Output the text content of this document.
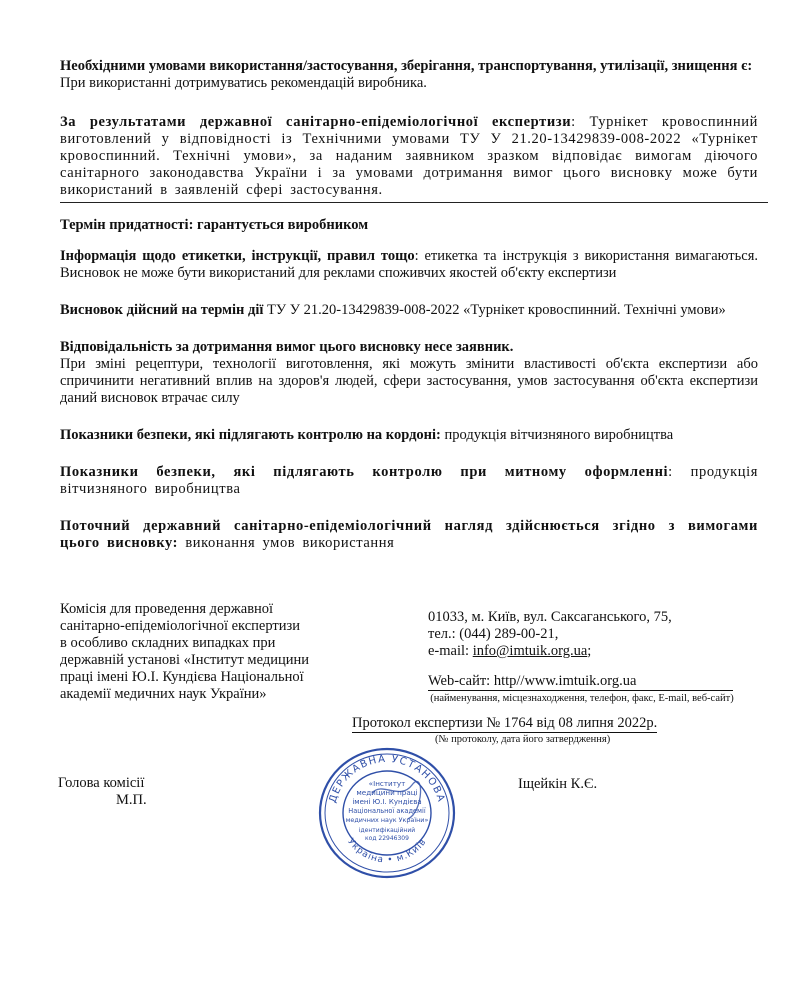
Необхідними умовами використання/застосування, зберігання, транспортування, утилізації, знищення є:
При використанні дотримуватись рекомендацій виробника.
За результатами державної санітарно-епідеміологічної експертизи: Турнікет кровоспинний виготовлений у відповідності із Технічними умовами ТУ У 21.20-13429839-008-2022 «Турнікет кровоспинний. Технічні умови», за наданим заявником зразком відповідає вимогам діючого санітарного законодавства України і за умовами дотримання вимог цього висновку може бути використаний в заявленій сфері застосування.
Термін придатності: гарантується виробником
Інформація щодо етикетки, інструкції, правил тощо: етикетка та інструкція з використання вимагаються. Висновок не може бути використаний для реклами споживчих якостей об'єкту експертизи
Висновок дійсний на термін дії ТУ У 21.20-13429839-008-2022 «Турнікет кровоспинний. Технічні умови»
Відповідальність за дотримання вимог цього висновку несе заявник.
При зміні рецептури, технології виготовлення, які можуть змінити властивості об'єкта експертизи або спричинити негативний вплив на здоров'я людей, сфери застосування, умов застосування об'єкта експертизи даний висновок втрачає силу
Показники безпеки, які підлягають контролю на кордоні: продукція вітчизняного виробництва
Показники безпеки, які підлягають контролю при митному оформленні: продукція вітчизняного виробництва
Поточний державний санітарно-епідеміологічний нагляд здійснюється згідно з вимогами цього висновку: виконання умов використання
Комісія для проведення державної
санітарно-епідеміологічної експертизи
в особливо складних випадках при
державній установі «Інститут медицини
праці імені Ю.І. Кундієва Національної
академії медичних наук України»
01033, м. Київ, вул. Саксаганського, 75,
тел.: (044) 289-00-21,
e-mail: info@imtuik.org.ua;
Web-сайт: http//www.imtuik.org.ua
(найменування, місцезнаходження, телефон, факс, E-mail, веб-сайт)
Протокол експертизи № 1764 від 08 липня 2022р.
(№ протоколу, дата його затвердження)
Голова комісії
М.П.
Іщейкін К.Є.
ДЕРЖАВНА УСТАНОВА
Україна • м.Київ
«Інститут
медицини праці
імені Ю.І. Кундієва
Національної академії
медичних наук України»
ідентифікаційний
код 22946309
